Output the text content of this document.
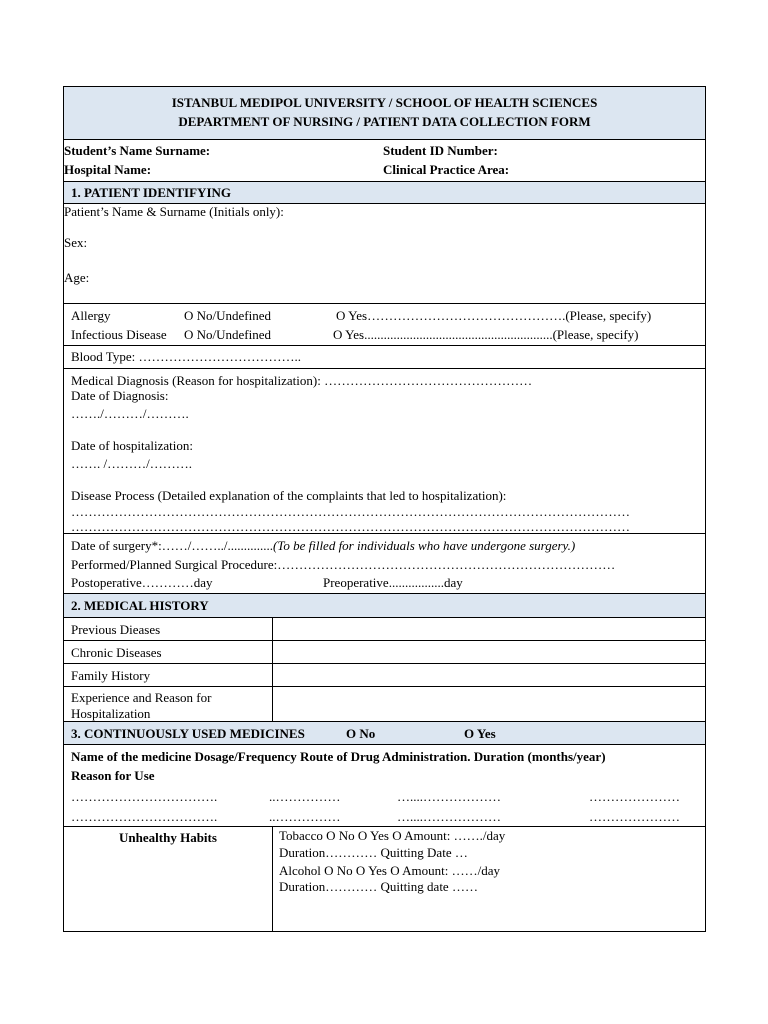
ISTANBUL MEDIPOL UNIVERSITY / SCHOOL OF HEALTH SCIENCES
DEPARTMENT OF NURSING / PATIENT DATA COLLECTION FORM
Student’s Name Surname:	Student ID Number:
Hospital Name:	Clinical Practice Area:
1. PATIENT IDENTIFYING
Patient’s Name & Surname (Initials only):
Sex:
Age:
Allergy	O No/Undefined	O Yes……………………………………….(Please, specify)
Infectious Disease O No/Undefined	O Yes..........................................................(Please, specify)
Blood Type: ………………………………..
Medical Diagnosis (Reason for hospitalization): …………………………………………
Date of Diagnosis:
……./………/……….
Date of hospitalization:
……. /………/……….
Disease Process (Detailed explanation of the complaints that led to hospitalization):
…………………………………………………………………………………………………………………
…………………………………………………………………………………………………………………
Date of surgery*:……/……../..............(To be filled for individuals who have undergone surgery.)
Performed/Planned Surgical Procedure:……………………………………………………………………
Postoperative…………day	Preoperative.................day
2. MEDICAL HISTORY
Previous Dieases
Chronic Diseases
Family History
Experience and Reason for
Hospitalization
3. CONTINUOUSLY USED MEDICINES	O No	O Yes
Name of the medicine Dosage/Frequency Route of Drug Administration. Duration (months/year)
Reason for Use
…………………………….	..……………	…....………………	…………………
…………………………….	..……………	…....………………	…………………
Unhealthy Habits	Tobacco O No O Yes O Amount: ……./day
Duration………… Quitting Date …
Alcohol O No O Yes O Amount: ……/day
Duration………… Quitting date ……
